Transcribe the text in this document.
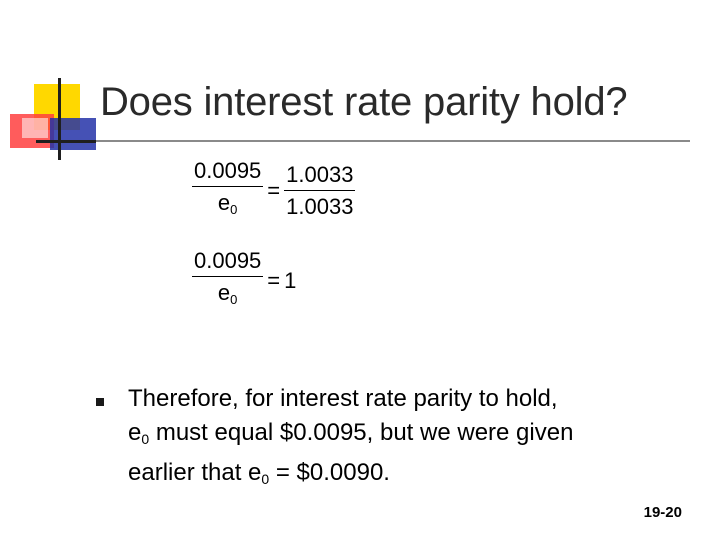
Does interest rate parity hold?
$\frac{0.0095}{e_0} = \frac{1.0033}{1.0033}$
$\frac{0.0095}{e_0} = 1$
Therefore, for interest rate parity to hold,
$e_0$ must equal $0.0095, but we were given
earlier that $e_0$ = $0.0090.
19-20
